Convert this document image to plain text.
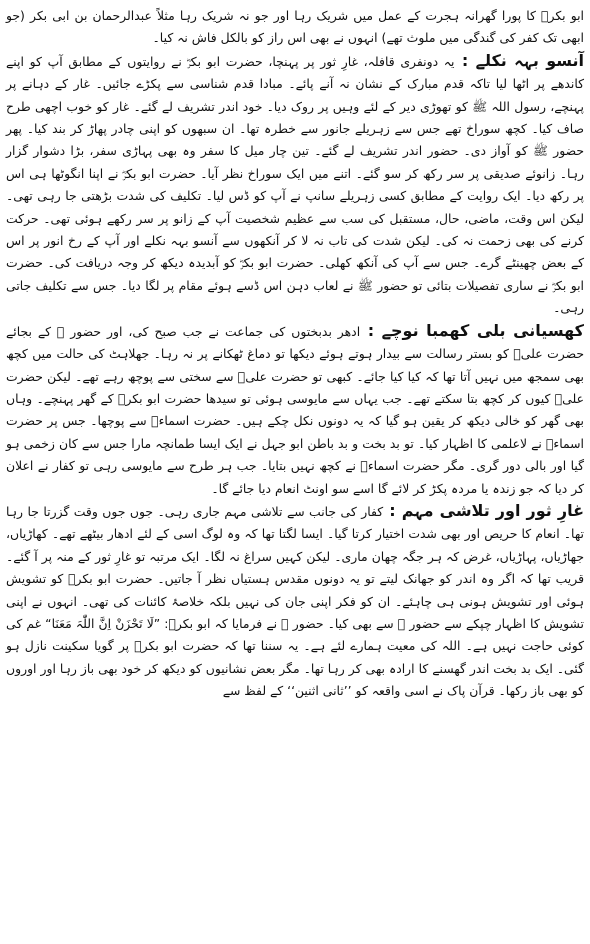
ابو بکرؓ کا پورا گھرانہ ہجرت کے عمل میں شریک رہا اور جو نہ شریک رہا مثلاً عبدالرحمان بن ابی بکر (جو ابھی تک کفر کی گندگی میں ملوث تھے) انہوں نے بھی اس راز کو بالکل فاش نہ کیا۔

آنسو بہہ نکلے : یہ دونفری قافلہ، غارِ ثور پر پہنچا، حضرت ابو بکرؓ نے روایتوں کے مطابق آپ کو اپنے کاندھے پر اٹھا لیا تاکہ قدم مبارک کے نشان نہ آنے پائے۔ مبادا قدم شناسی سے پکڑے جائیں۔ غار کے دہانے پر پہنچے، رسول اللہ ﷺ کو تھوڑی دیر کے لئے وہیں پر روک دیا۔ خود اندر تشریف لے گئے۔ غار کو خوب اچھی طرح صاف کیا۔ کچھ سوراخ تھے جس سے زہریلے جانور سے خطرہ تھا۔ ان سبھوں کو اپنی چادر پھاڑ کر بند کیا۔ پھر حضور ﷺ کو آواز دی۔ حضور اندر تشریف لے گئے۔ تین چار میل کا سفر وہ بھی پہاڑی سفر، بڑا دشوار گزار رہا۔ زانوئے صدیقی پر سر رکھ کر سو گئے۔ اتنے میں ایک سوراخ نظر آیا۔ حضرت ابو بکرؓ نے اپنا انگوٹھا ہی اس پر رکھ دیا۔ ایک روایت کے مطابق کسی زہریلے سانپ نے آپ کو ڈس لیا۔ تکلیف کی شدت بڑھتی جا رہی تھی۔ لیکن اس وقت، ماضی، حال، مستقبل کی سب سے عظیم شخصیت آپ کے زانو پر سر رکھے ہوئی تھی۔ حرکت کرنے کی بھی زحمت نہ کی۔ لیکن شدت کی تاب نہ لا کر آنکھوں سے آنسو بہہ نکلے اور آپ کے رخ انور پر اس کے بعض چھینٹے گرے۔ جس سے آپ کی آنکھ کھلی۔ حضرت ابو بکرؓ کو آبدیدہ دیکھ کر وجہ دریافت کی۔ حضرت ابو بکرؓ نے ساری تفصیلات بتائی تو حضور ﷺ نے لعاب دہن اس ڈسے ہوئے مقام پر لگا دیا۔ جس سے تکلیف جاتی رہی۔

کھسیانی بلی کھمبا نوچے : ادھر بدبختوں کی جماعت نے جب صبح کی، اور حضور ﷺ کے بجائے حضرت علیؓ کو بستر رسالت سے بیدار ہوتے ہوئے دیکھا تو دماغ ٹھکانے پر نہ رہا۔ جھلاہٹ کی حالت میں کچھ بھی سمجھ میں نہیں آتا تھا کہ کیا کیا جائے۔ کبھی تو حضرت علیؓ سے سختی سے پوچھ رہے تھے۔ لیکن حضرت علیؓ کیوں کر کچھ بتا سکتے تھے۔ جب یہاں سے مایوسی ہوئی تو سیدھا حضرت ابو بکرؓ کے گھر پہنچے۔ وہاں بھی گھر کو خالی دیکھ کر یقین ہو گیا کہ یہ دونوں نکل چکے ہیں۔ حضرت اسماءؓ سے پوچھا۔ جس پر حضرت اسماءؓ نے لاعلمی کا اظہار کیا۔ تو بد بخت و بد باطن ابو جہل نے ایک ایسا طمانچہ مارا جس سے کان زخمی ہو گیا اور بالی دور گری۔ مگر حضرت اسماءؓ نے کچھ نہیں بتایا۔ جب ہر طرح سے مایوسی رہی تو کفار نے اعلان کر دیا کہ جو زندہ یا مردہ پکڑ کر لائے گا اسے سو اونٹ انعام دیا جائے گا۔

غارِ ثور اور تلاشی مہم : کفار کی جانب سے تلاشی مہم جاری رہی۔ جوں جوں وقت گزرتا جا رہا تھا۔ انعام کا حریص اور بھی شدت اختیار کرتا گیا۔ ایسا لگتا تھا کہ وہ لوگ اسی کے لئے ادھار بیٹھے تھے۔ کھاڑیاں، جھاڑیاں، پہاڑیاں، غرض کہ ہر جگہ چھان ماری۔ لیکن کہیں سراغ نہ لگا۔ ایک مرتبہ تو غارِ ثور کے منہ پر آ گئے۔ قریب تھا کہ اگر وہ اندر کو جھانک لیتے تو یہ دونوں مقدس ہستیاں نظر آ جاتیں۔ حضرت ابو بکرؓ کو تشویش ہوئی اور تشویش ہونی ہی چاہئے۔ ان کو فکر اپنی جان کی نہیں بلکہ خلاصۂ کائنات کی تھی۔ انہوں نے اپنی تشویش کا اظہار چپکے سے حضور ﷺ سے بھی کیا۔ حضور ﷺ نے فرمایا کہ ابو بکرؓ: ”لَا تَحْزَنْ اِنَّ اللّٰہَ مَعَنَا“ غم کی کوئی حاجت نہیں ہے۔ اللہ کی معیت ہمارے لئے ہے۔ یہ سننا تھا کہ حضرت ابو بکرؓ پر گویا سکینت نازل ہو گئی۔ ایک بد بخت اندر گھسنے کا ارادہ بھی کر رہا تھا۔ مگر بعض نشانیوں کو دیکھ کر خود بھی باز رہا اور اوروں کو بھی باز رکھا۔ قرآن پاک نے اسی واقعہ کو ’’ثانی اثنین‘‘ کے لفظ سے
